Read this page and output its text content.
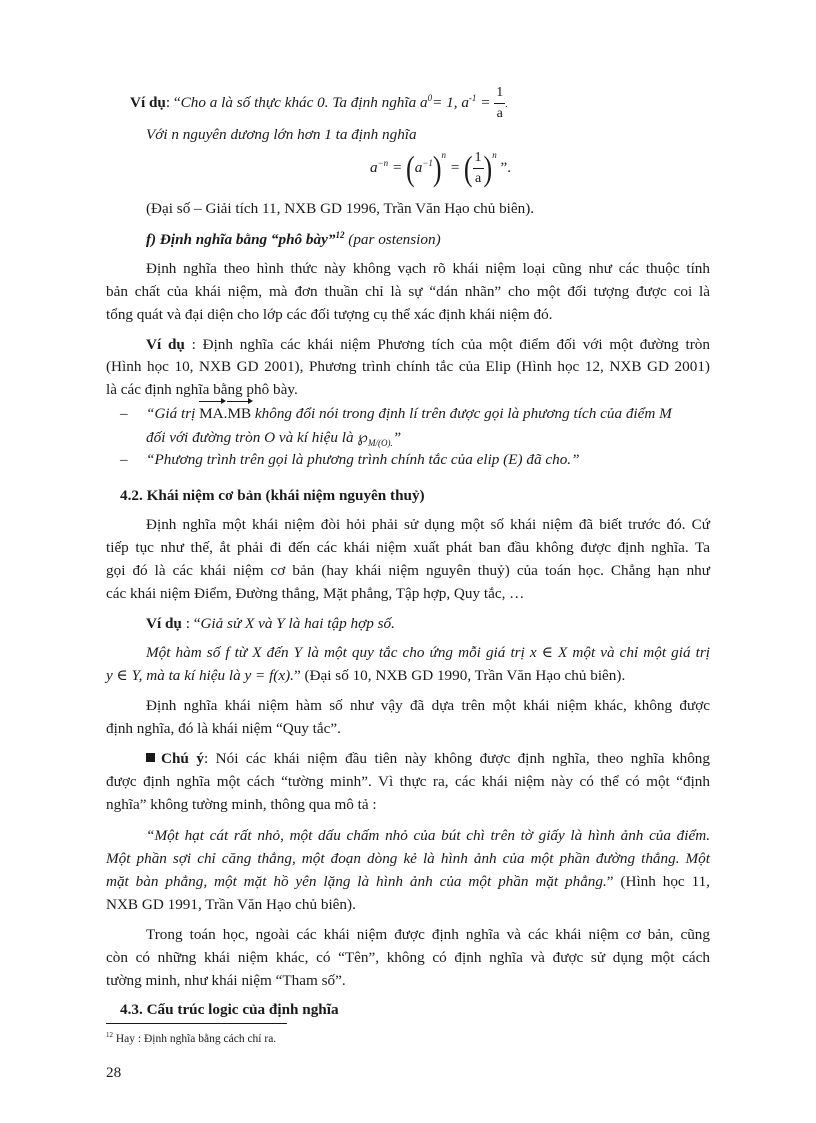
Ví dụ: “Cho a là số thực khác 0. Ta định nghĩa $a^0= 1$, $a^{-1} = \frac{1}{a}$ .
Với n nguyên dương lớn hơn 1 ta định nghĩa
$a^{-n} = (a^{-1})^n$ = ( $\frac{1}{a} )^n$ ”.
(Đại số – Giải tích 11, NXB GD 1996, Trần Văn Hạo chủ biên).
f) Định nghĩa bằng “phô bày”$^{12}$ (par ostension)
Định nghĩa theo hình thức này không vạch rõ khái niệm loại cũng như các thuộc tính
bản chất của khái niệm, mà đơn thuần chỉ là sự “dán nhãn” cho một đối tượng được coi là
tổng quát và đại diện cho lớp các đối tượng cụ thể xác định khái niệm đó.
Ví dụ : Định nghĩa các khái niệm Phương tích của một điểm đối với một đường tròn
(Hình học 10, NXB GD 2001), Phương trình chính tắc của Elip (Hình học 12, NXB GD 2001)
là các định nghĩa bằng phô bày.
– “Giá trị MA.MB không đổi nói trong định lí trên được gọi là phương tích của điểm M
đối với đường tròn O và kí hiệu là $℘_{M/(O).}$”
– “Phương trình trên gọi là phương trình chính tắc của elip (E) đã cho.”
4.2. Khái niệm cơ bản (khái niệm nguyên thuỷ)
Định nghĩa một khái niệm đòi hỏi phải sử dụng một số khái niệm đã biết trước đó. Cứ
tiếp tục như thế, ắt phải đi đến các khái niệm xuất phát ban đầu không được định nghĩa. Ta
gọi đó là các khái niệm cơ bản (hay khái niệm nguyên thuỷ) của toán học. Chẳng hạn như
các khái niệm Điểm, Đường thẳng, Mặt phẳng, Tập hợp, Quy tắc, …
Ví dụ : “Giả sử X và Y là hai tập hợp số.
Một hàm số f từ X đến Y là một quy tắc cho ứng mỗi giá trị x ∈ X một và chỉ một giá trị
y ∈ Y, mà ta kí hiệu là y = f(x).” (Đại số 10, NXB GD 1990, Trần Văn Hạo chủ biên).
Định nghĩa khái niệm hàm số như vậy đã dựa trên một khái niệm khác, không được
định nghĩa, đó là khái niệm “Quy tắc”.
Chú ý: Nói các khái niệm đầu tiên này không được định nghĩa, theo nghĩa không
được định nghĩa một cách “tường minh”. Vì thực ra, các khái niệm này có thể có một “định
nghĩa” không tường minh, thông qua mô tả :
“Một hạt cát rất nhỏ, một dấu chấm nhỏ của bút chì trên tờ giấy là hình ảnh của điểm.
Một phần sợi chỉ căng thẳng, một đoạn dòng kẻ là hình ảnh của một phần đường thẳng. Một
mặt bàn phẳng, một mặt hồ yên lặng là hình ảnh của một phần mặt phẳng.” (Hình học 11,
NXB GD 1991, Trần Văn Hạo chủ biên).
Trong toán học, ngoài các khái niệm được định nghĩa và các khái niệm cơ bản, cũng
còn có những khái niệm khác, có “Tên”, không có định nghĩa và được sử dụng một cách
tường minh, như khái niệm “Tham số”.
4.3. Cấu trúc logic của định nghĩa
$^{12}$ Hay : Định nghĩa bằng cách chỉ ra.
28
